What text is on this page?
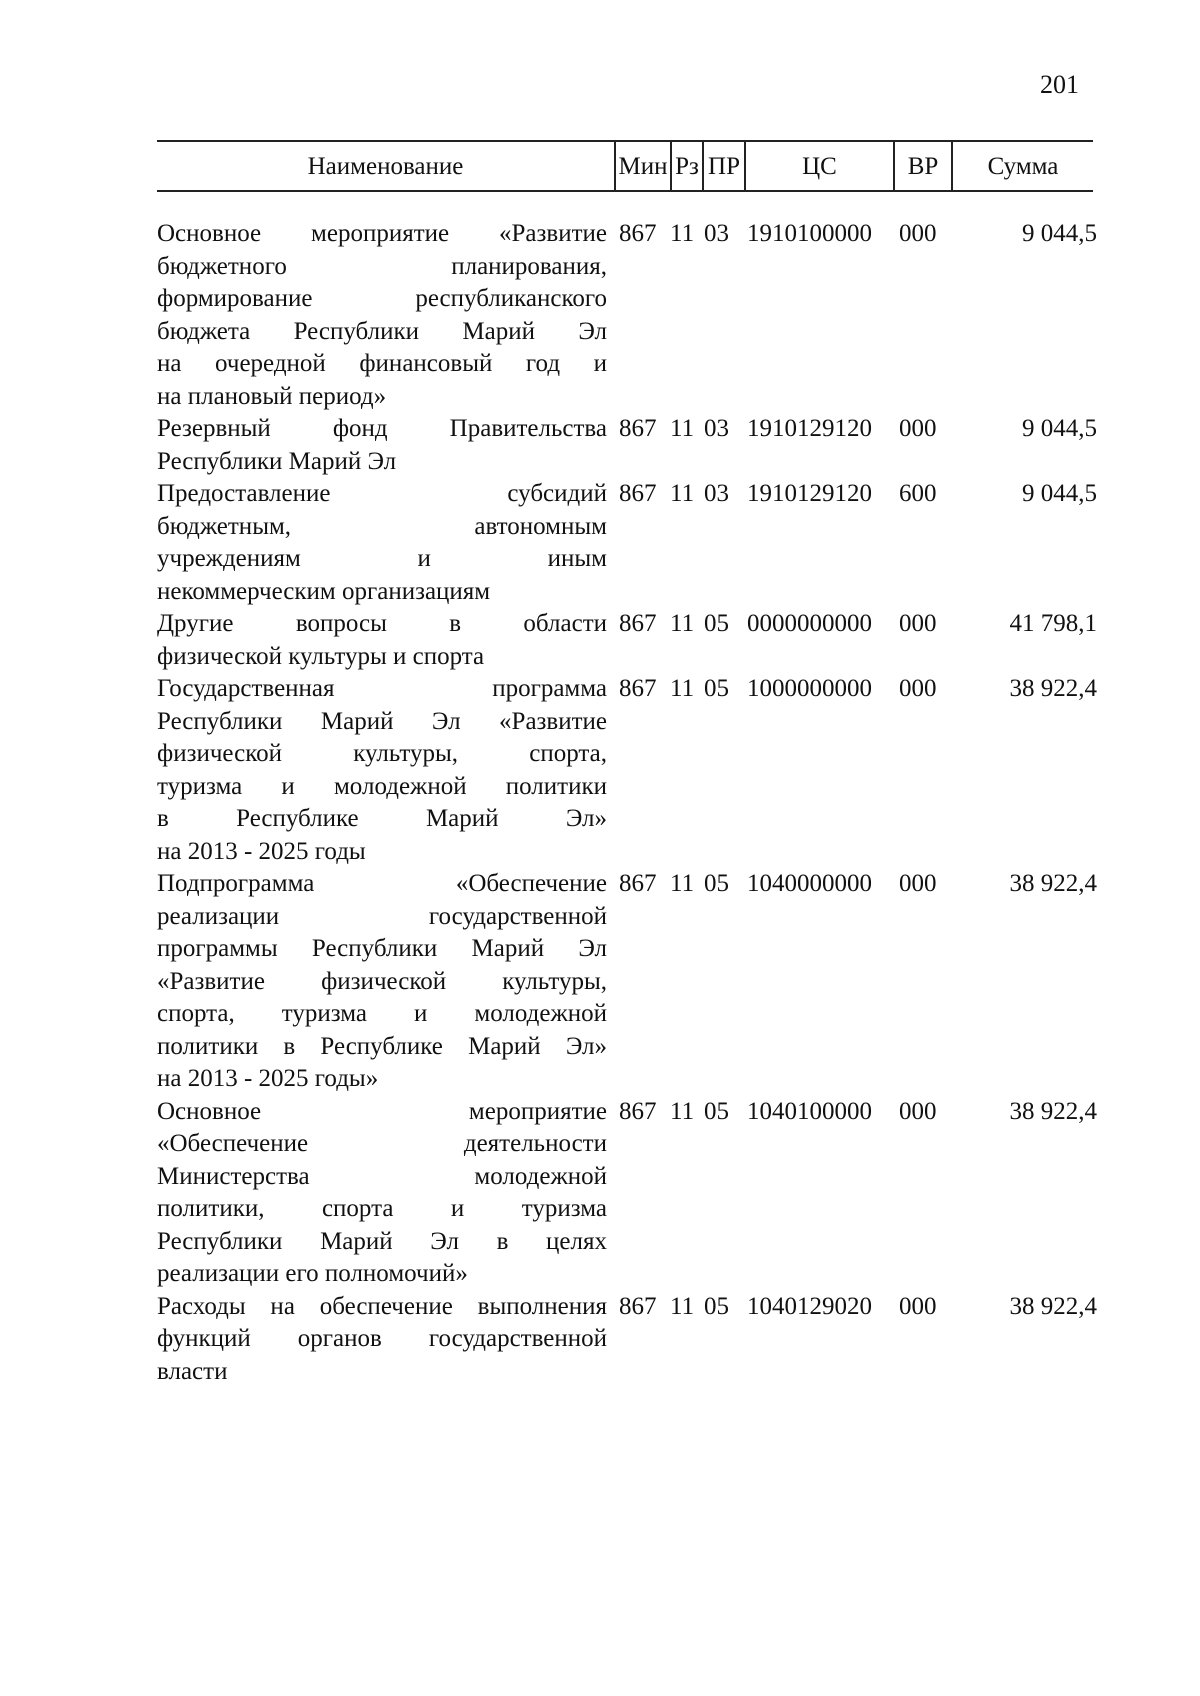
201
Наименование	Мин Рз ПР	ЦС	ВР	Сумма
Основное мероприятие «Развитие
бюджетного планирования,
формирование республиканского
бюджета Республики Марий Эл
на очередной финансовый год и
на плановый период»
867 11 03 1910100000 000	9 044,5
Резервный фонд Правительства
Республики Марий Эл
867 11 03 1910129120 000	9 044,5
Предоставление субсидий
бюджетным, автономным
учреждениям и иным
некоммерческим организациям
867 11 03 1910129120 600	9 044,5
Другие вопросы в области
физической культуры и спорта
867 11 05 0000000000 000	41 798,1
Государственная программа
Республики Марий Эл «Развитие
физической культуры, спорта,
туризма и молодежной политики
в Республике Марий Эл»
на 2013 - 2025 годы
867 11 05 1000000000 000	38 922,4
Подпрограмма «Обеспечение
реализации государственной
программы Республики Марий Эл
«Развитие физической культуры,
спорта, туризма и молодежной
политики в Республике Марий Эл»
на 2013 - 2025 годы»
867 11 05 1040000000 000	38 922,4
Основное мероприятие
«Обеспечение деятельности
Министерства молодежной
политики, спорта и туризма
Республики Марий Эл в целях
реализации его полномочий»
867 11 05 1040100000 000	38 922,4
Расходы на обеспечение выполнения
функций органов государственной
власти
867 11 05 1040129020 000	38 922,4
